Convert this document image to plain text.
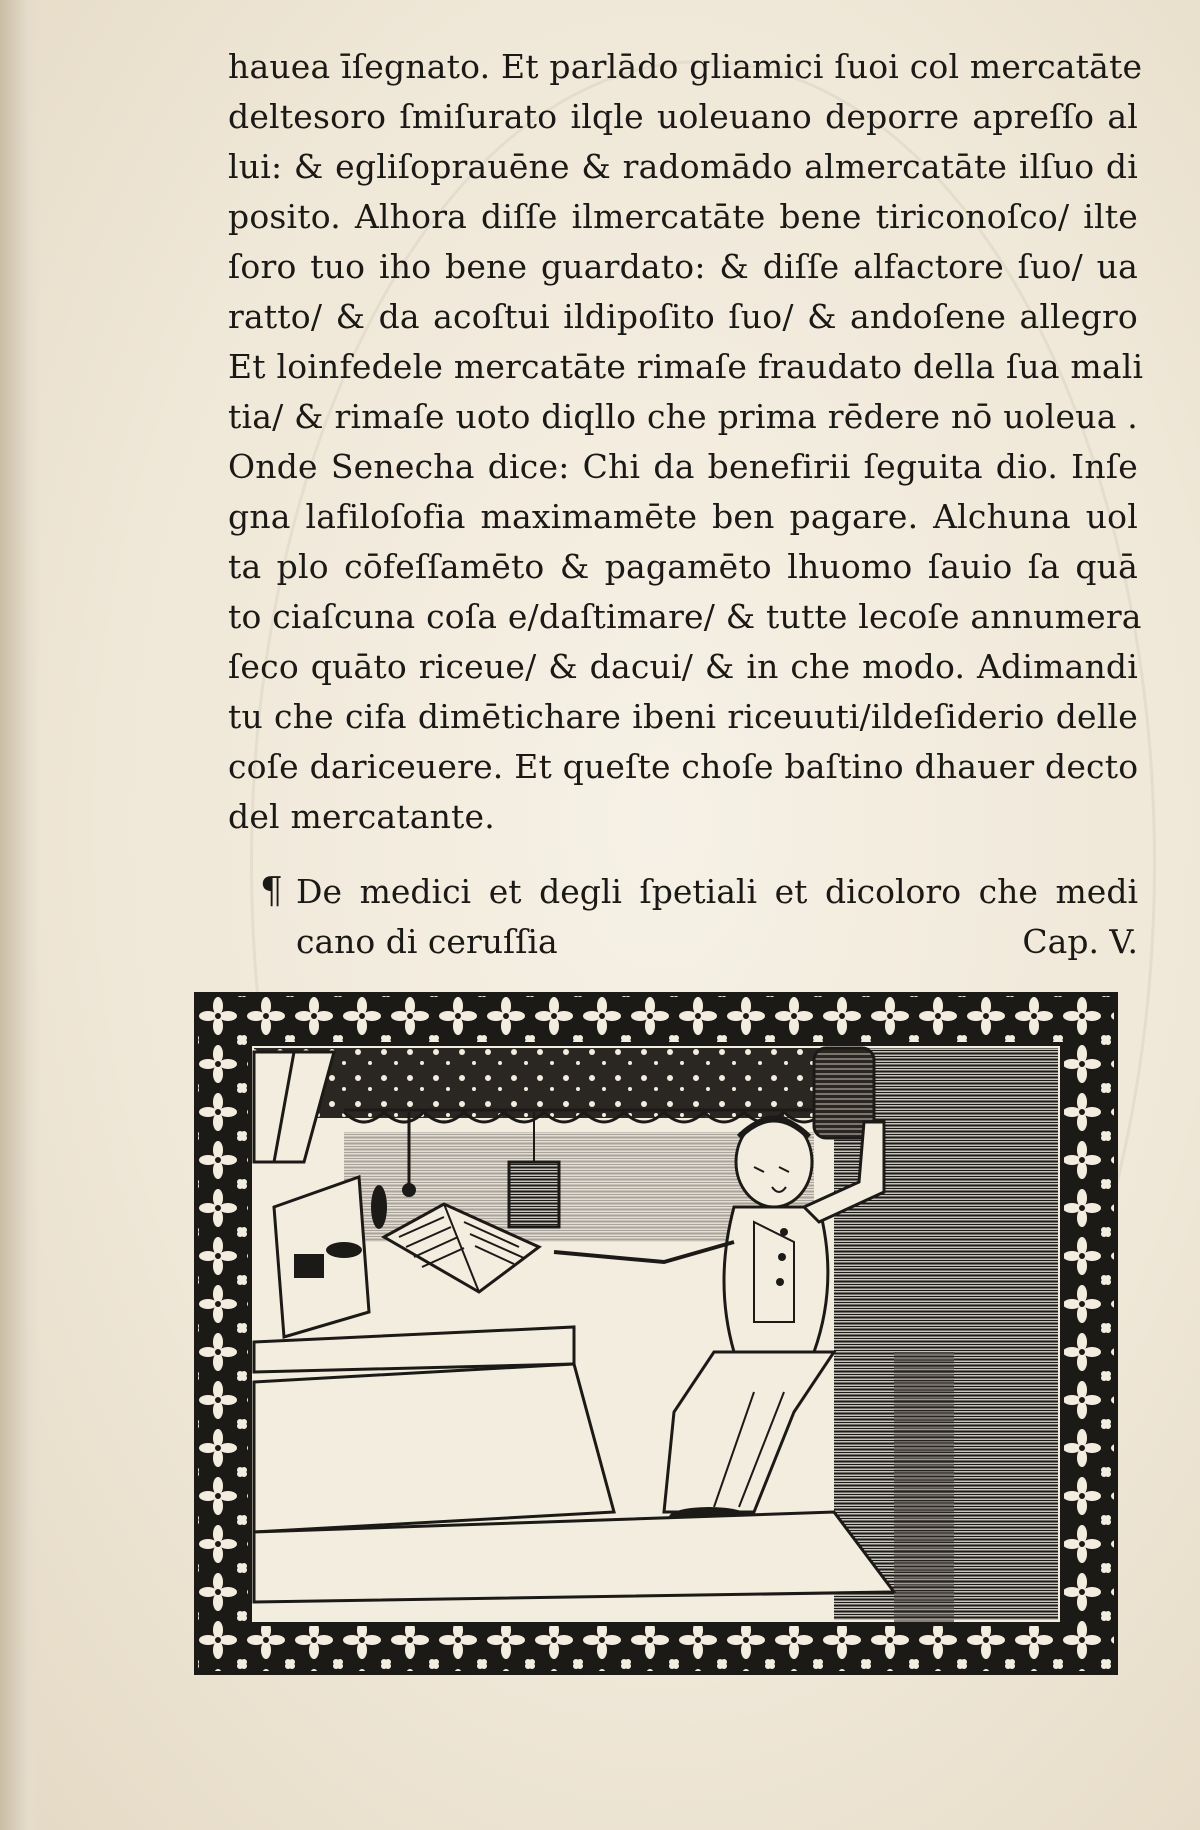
hauea īſegnato. Et parlādo gliamici ſuoi col mercatāte
deltesoro ſmiſurato ilqle uoleuano deporre apreſſo al
lui: & egliſoprauēne & radomādo almercatāte ilſuo di
posito. Alhora diſſe ilmercatāte bene tiriconoſco/ ilte
ſoro tuo iho bene guardato: & diſſe alfactore ſuo/ ua
ratto/ & da acoſtui ildipoſito ſuo/ & andoſene allegro
Et loinfedele mercatāte rimaſe fraudato della ſua mali
tia/ & rimaſe uoto diqllo che prima rēdere nō uoleua .
Onde Senecha dice: Chi da benefirii ſeguita dio. Inſe
gna lafiloſofia maximamēte ben pagare. Alchuna uol
ta plo cōfeſſamēto & pagamēto lhuomo ſauio ſa quā
to ciaſcuna coſa e/daſtimare/ & tutte lecoſe annumera
ſeco quāto riceue/ & dacui/ & in che modo. Adimandi
tu che cifa dimētichare ibeni riceuuti/ildeſiderio delle
coſe dariceuere. Et queſte choſe baſtino dhauer decto
del mercatante.
¶ De medici et degli ſpetiali et dicoloro che medi
cano di ceruſſia	Cap. V.
